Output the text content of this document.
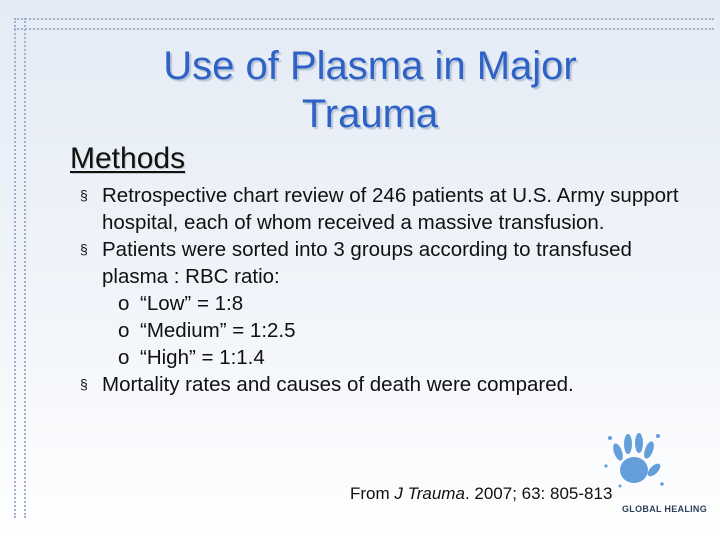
Use of Plasma in Major Trauma
Methods
§ Retrospective chart review of 246 patients at U.S. Army support hospital, each of whom received a massive transfusion.
§ Patients were sorted into 3 groups according to transfused plasma : RBC ratio:
o “Low” = 1:8
o “Medium” = 1:2.5
o “High” = 1:1.4
§ Mortality rates and causes of death were compared.
From J Trauma. 2007; 63: 805-813
GLOBAL HEALING
